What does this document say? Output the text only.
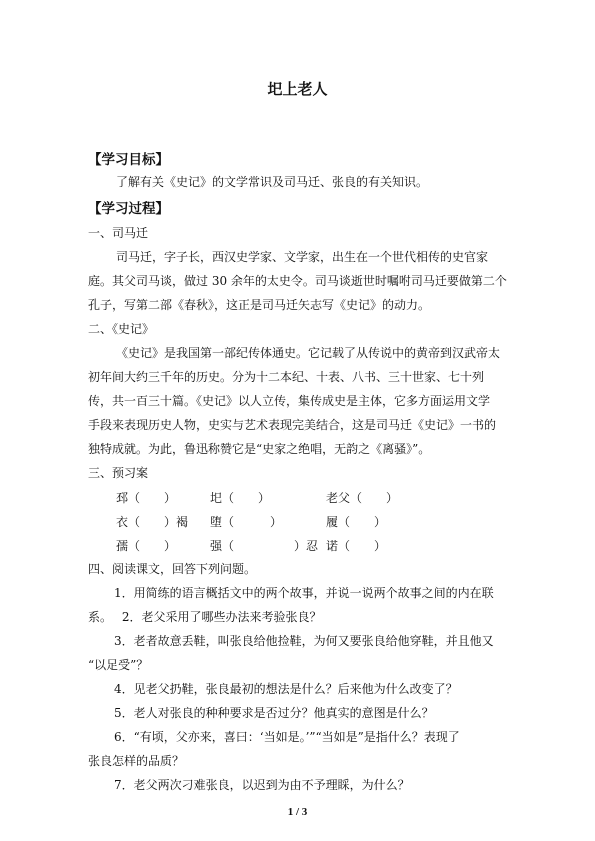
圯上老人
【学习目标】
了解有关《史记》的文学常识及司马迁、张良的有关知识。
【学习过程】
一、司马迁
司马迁，字子长，西汉史学家、文学家，出生在一个世代相传的史官家
庭。其父司马谈，做过 30 余年的太史令。司马谈逝世时嘱咐司马迁要做第二个
孔子，写第二部《春秋》，这正是司马迁矢志写《史记》的动力。
二、《史记》
《史记》是我国第一部纪传体通史。它记载了从传说中的黄帝到汉武帝太
初年间大约三千年的历史。分为十二本纪、十表、八书、三十世家、七十列
传，共一百三十篇。《史记》以人立传，集传成史是主体，它多方面运用文学
手段来表现历史人物，史实与艺术表现完美结合，这是司马迁《史记》一书的
独特成就。为此，鲁迅称赞它是“史家之绝唱，无韵之《离骚》”。
三、预习案
邳（　　）	圯（　　）	老父（　　）
衣（　　）褐 堕（　　　）	履（　　）
孺（　　）	强（　　　　　）忍 诺（　　）
四、阅读课文，回答下列问题。
1．用简练的语言概括文中的两个故事，并说一说两个故事之间的内在联
系。　 2．老父采用了哪些办法来考验张良？
3．老者故意丢鞋，叫张良给他捡鞋，为何又要张良给他穿鞋，并且他又
“以足受”？
4．见老父扔鞋，张良最初的想法是什么？后来他为什么改变了？
5．老人对张良的种种要求是否过分？他真实的意图是什么？
6．“有顷，父亦来，喜曰：‘当如是。’”“当如是”是指什么？表现了
张良怎样的品质？
7．老父两次刁难张良，以迟到为由不予理睬，为什么？
1 / 3
